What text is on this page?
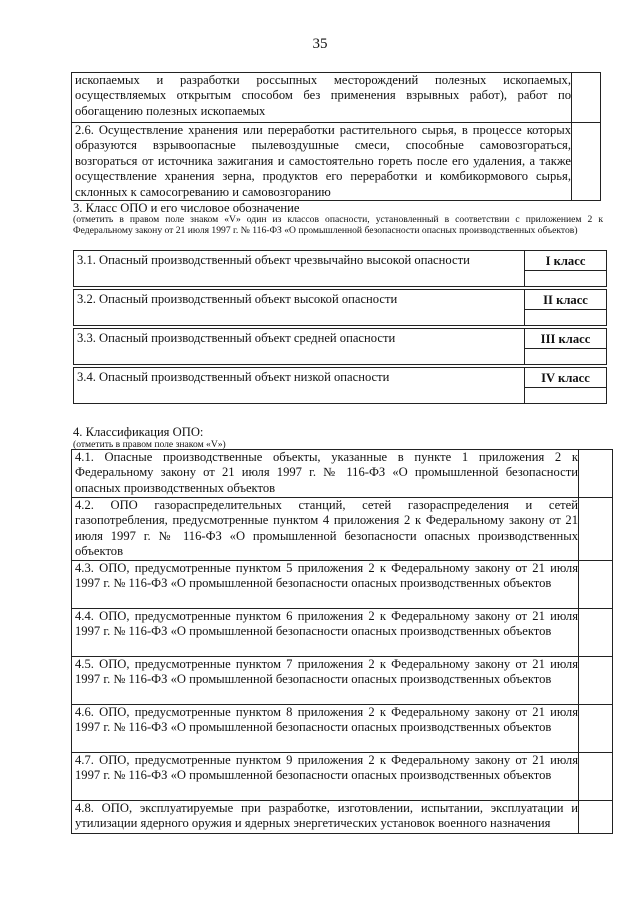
35
ископаемых и разработки россыпных месторождений полезных ископаемых, осуществляемых открытым способом без применения взрывных работ), работ по обогащению полезных ископаемых	
2.6. Осуществление хранения или переработки растительного сырья, в процессе которых образуются взрывоопасные пылевоздушные смеси, способные самовозгораться, возгораться от источника зажигания и самостоятельно гореть после его удаления, а также осуществление хранения зерна, продуктов его переработки и комбикормового сырья, склонных к самосогреванию и самовозгоранию	
3. Класс ОПО и его числовое обозначение
(отметить в правом поле знаком «V» один из классов опасности, установленный в соответствии с приложением 2 к Федеральному закону от 21 июля 1997 г. № 116-ФЗ «О промышленной безопасности опасных производственных объектов)
3.1. Опасный производственный объект чрезвычайно высокой опасности	I класс
3.2. Опасный производственный объект высокой опасности	II класс
3.3. Опасный производственный объект средней опасности	III класс
3.4. Опасный производственный объект низкой опасности	IV класс
4. Классификация ОПО:
(отметить в правом поле знаком «V»)
4.1. Опасные производственные объекты, указанные в пункте 1 приложения 2 к Федеральному закону от 21 июля 1997 г. № 116-ФЗ «О промышленной безопасности опасных производственных объектов	
4.2. ОПО газораспределительных станций, сетей газораспределения и сетей газопотребления, предусмотренные пунктом 4 приложения 2 к Федеральному закону от 21 июля 1997 г. № 116-ФЗ «О промышленной безопасности опасных производственных объектов	
4.3. ОПО, предусмотренные пунктом 5 приложения 2 к Федеральному закону от 21 июля 1997 г. № 116-ФЗ «О промышленной безопасности опасных производственных объектов	
4.4. ОПО, предусмотренные пунктом 6 приложения 2 к Федеральному закону от 21 июля 1997 г. № 116-ФЗ «О промышленной безопасности опасных производственных объектов	
4.5. ОПО, предусмотренные пунктом 7 приложения 2 к Федеральному закону от 21 июля 1997 г. № 116-ФЗ «О промышленной безопасности опасных производственных объектов	
4.6. ОПО, предусмотренные пунктом 8 приложения 2 к Федеральному закону от 21 июля 1997 г. № 116-ФЗ «О промышленной безопасности опасных производственных объектов	
4.7. ОПО, предусмотренные пунктом 9 приложения 2 к Федеральному закону от 21 июля 1997 г. № 116-ФЗ «О промышленной безопасности опасных производственных объектов	
4.8. ОПО, эксплуатируемые при разработке, изготовлении, испытании, эксплуатации и утилизации ядерного оружия и ядерных энергетических установок военного назначения	
